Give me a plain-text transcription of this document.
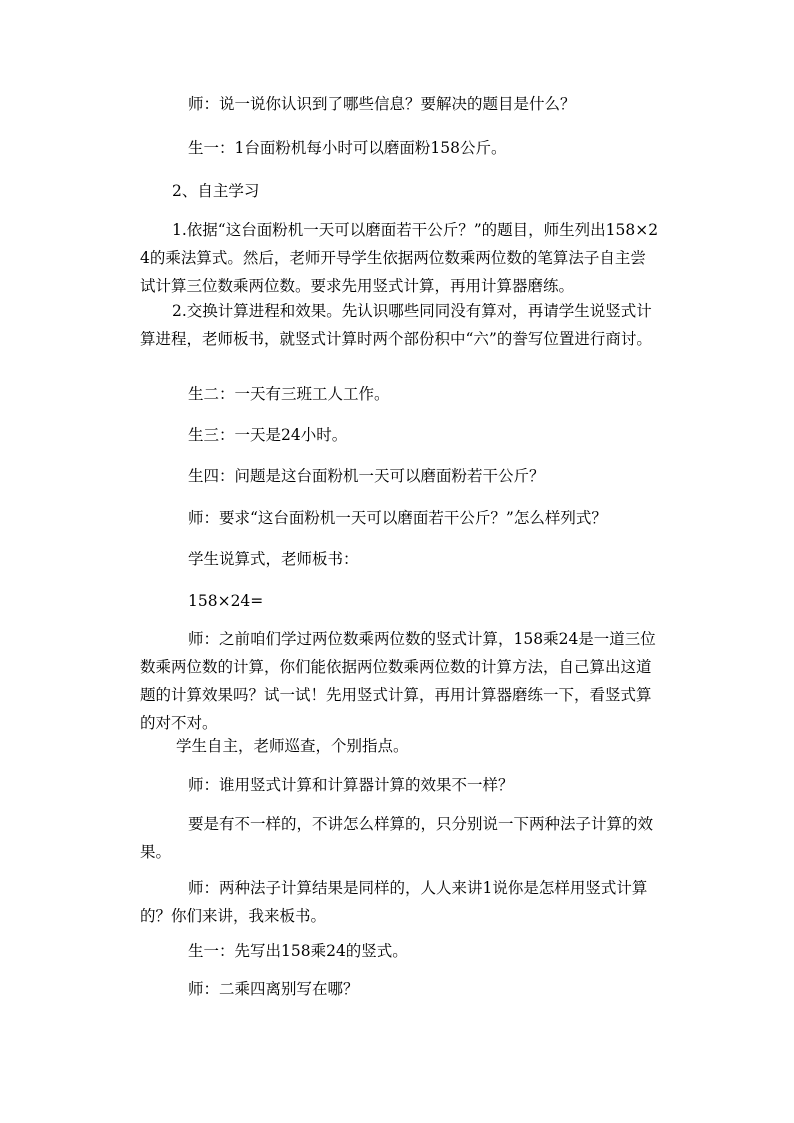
师：说一说你认识到了哪些信息？要解决的题目是什么？

生一：1台面粉机每小时可以磨面粉158公斤。

2、自主学习

1.依据“这台面粉机一天可以磨面若干公斤？”的题目，师生列出158×24的乘法算式。然后，老师开导学生依据两位数乘两位数的笔算法子自主尝试计算三位数乘两位数。要求先用竖式计算，再用计算器磨练。

2.交换计算进程和效果。先认识哪些同同没有算对，再请学生说竖式计算进程，老师板书，就竖式计算时两个部份积中“六”的誊写位置进行商讨。

生二：一天有三班工人工作。

生三：一天是24小时。

生四：问题是这台面粉机一天可以磨面粉若干公斤？

师：要求“这台面粉机一天可以磨面若干公斤？”怎么样列式？

学生说算式，老师板书：

158×24=

师：之前咱们学过两位数乘两位数的竖式计算，158乘24是一道三位数乘两位数的计算，你们能依据两位数乘两位数的计算方法，自己算出这道题的计算效果吗？试一试！先用竖式计算，再用计算器磨练一下，看竖式算的对不对。

学生自主，老师巡查，个别指点。

师：谁用竖式计算和计算器计算的效果不一样？

要是有不一样的，不讲怎么样算的，只分别说一下两种法子计算的效果。

师：两种法子计算结果是同样的，人人来讲1说你是怎样用竖式计算的？你们来讲，我来板书。

生一：先写出158乘24的竖式。

师：二乘四离别写在哪？
